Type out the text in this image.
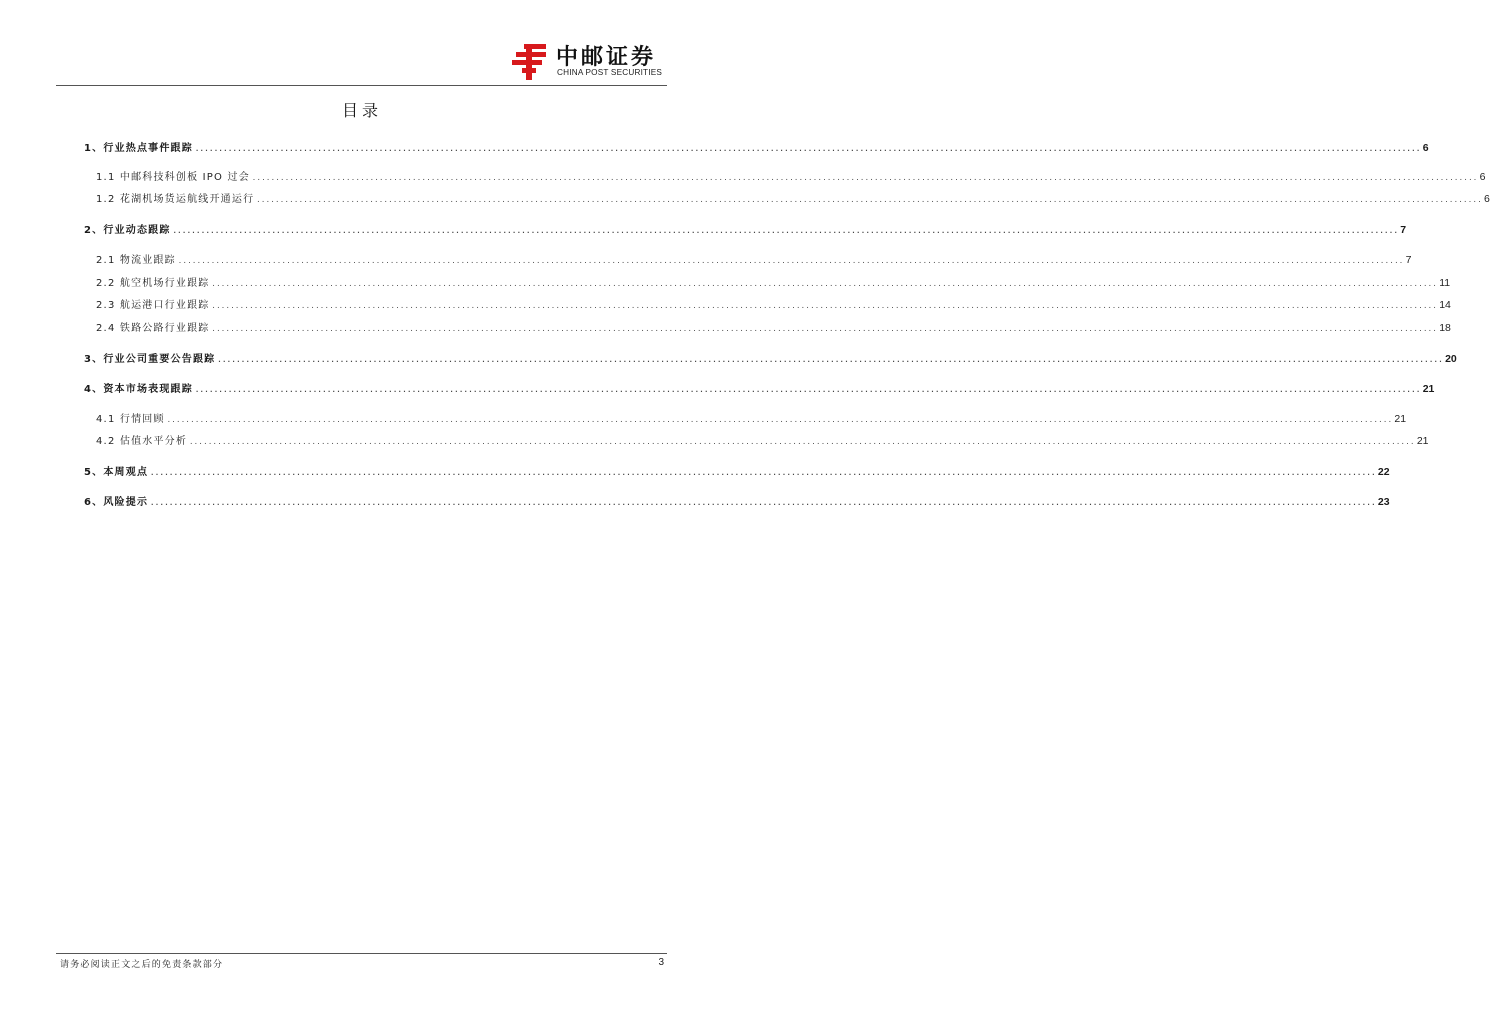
中邮证券
CHINA POST SECURITIES
目录
1、行业热点事件跟踪 .................................................................................................................................................................................................................................................................... 6
1.1 中邮科技科创板 IPO 过会 .................................................................................................................................................................................................................................................................... 6
1.2 花湖机场货运航线开通运行 .................................................................................................................................................................................................................................................................... 6
2、行业动态跟踪 .................................................................................................................................................................................................................................................................... 7
2.1 物流业跟踪 .................................................................................................................................................................................................................................................................... 7
2.2 航空机场行业跟踪 .................................................................................................................................................................................................................................................................... 11
2.3 航运港口行业跟踪 .................................................................................................................................................................................................................................................................... 14
2.4 铁路公路行业跟踪 .................................................................................................................................................................................................................................................................... 18
3、行业公司重要公告跟踪 .................................................................................................................................................................................................................................................................... 20
4、资本市场表现跟踪 .................................................................................................................................................................................................................................................................... 21
4.1 行情回顾 .................................................................................................................................................................................................................................................................... 21
4.2 估值水平分析 .................................................................................................................................................................................................................................................................... 21
5、本周观点 .................................................................................................................................................................................................................................................................... 22
6、风险提示 .................................................................................................................................................................................................................................................................... 23
请务必阅读正文之后的免责条款部分	3
